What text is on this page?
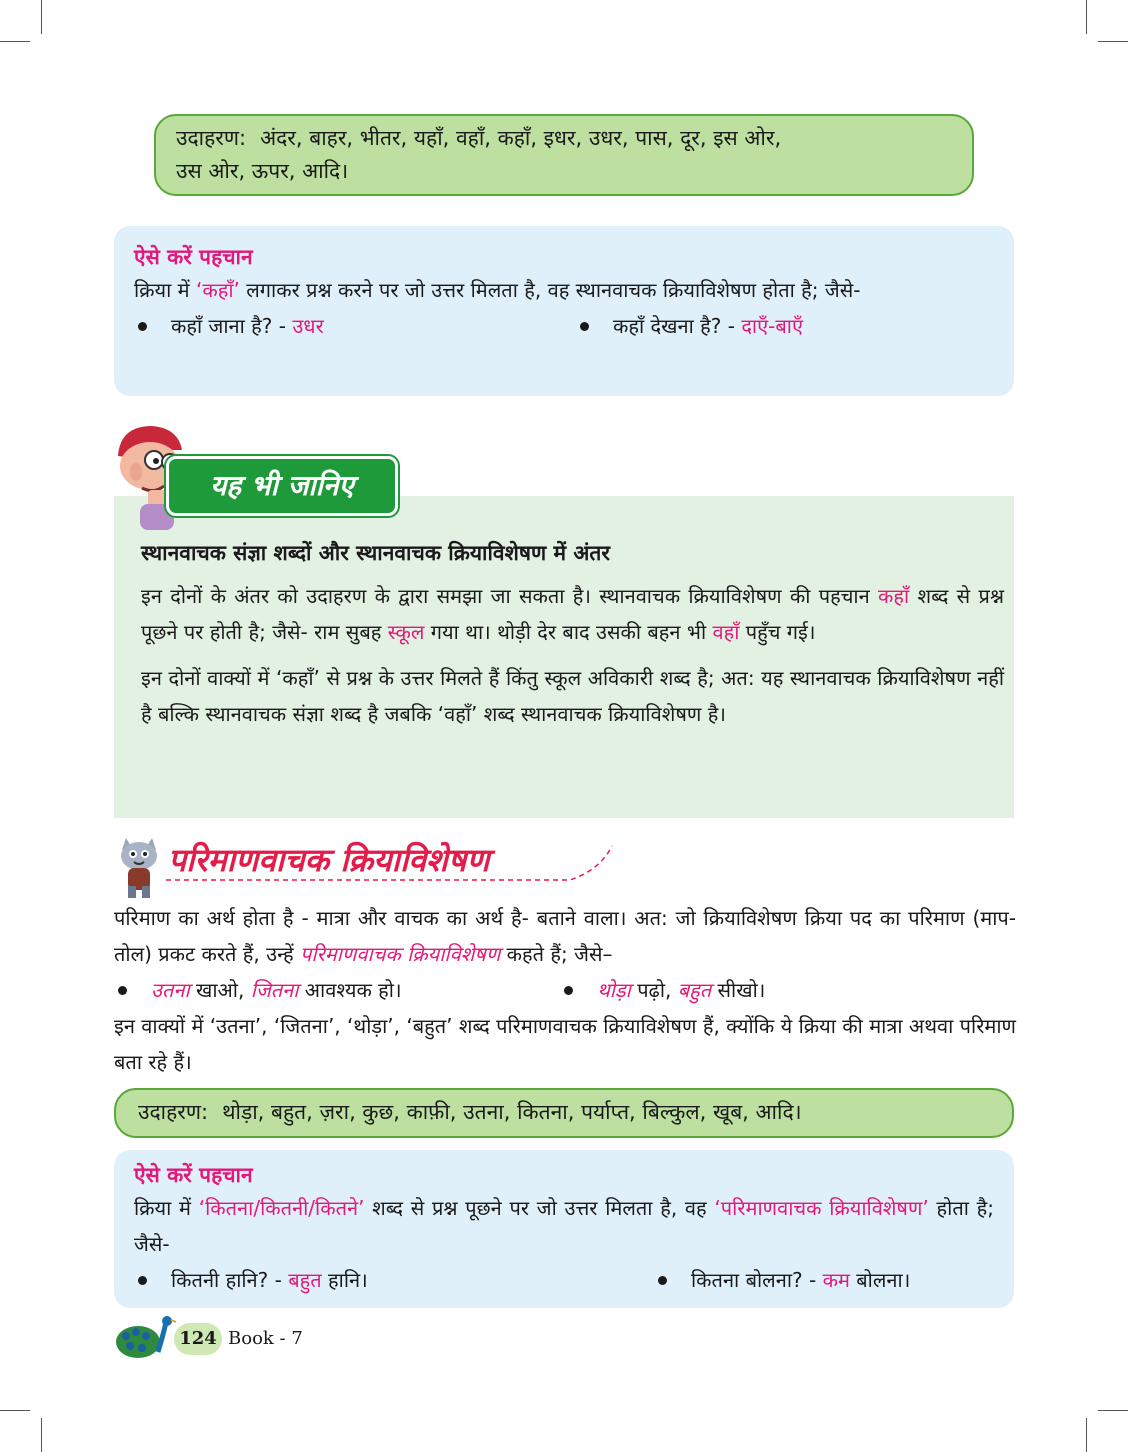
उदाहरण: अंदर, बाहर, भीतर, यहाँ, वहाँ, कहाँ, इधर, उधर, पास, दूर, इस ओर,
उस ओर, ऊपर, आदि।
ऐसे करें पहचान
क्रिया में ‘कहाँ’ लगाकर प्रश्न करने पर जो उत्तर मिलता है, वह स्थानवाचक क्रियाविशेषण होता है; जैसे-
कहाँ जाना है? - उधर	कहाँ देखना है? - दाएँ-बाएँ
स्थानवाचक संज्ञा शब्दों और स्थानवाचक क्रियाविशेषण में अंतर

इन दोनों के अंतर को उदाहरण के द्वारा समझा जा सकता है। स्थानवाचक क्रियाविशेषण की पहचान कहाँ शब्द से प्रश्न पूछने पर होती है; जैसे- राम सुबह स्कूल गया था। थोड़ी देर बाद उसकी बहन भी वहाँ पहुँच गई।

इन दोनों वाक्यों में ‘कहाँ’ से प्रश्न के उत्तर मिलते हैं किंतु स्कूल अविकारी शब्द है; अत: यह स्थानवाचक क्रियाविशेषण नहीं है बल्कि स्थानवाचक संज्ञा शब्द है जबकि ‘वहाँ’ शब्द स्थानवाचक क्रियाविशेषण है।

यह भी जानिए
परिमाणवाचक क्रियाविशेषण

परिमाण का अर्थ होता है - मात्रा और वाचक का अर्थ है- बताने वाला। अत: जो क्रियाविशेषण क्रिया पद का परिमाण (माप-तोल) प्रकट करते हैं, उन्हें परिमाणवाचक क्रियाविशेषण कहते हैं; जैसे–

उतना खाओ, जितना आवश्यक हो।	थोड़ा पढ़ो, बहुत सीखो।

इन वाक्यों में ‘उतना’, ‘जितना’, ‘थोड़ा’, ‘बहुत’ शब्द परिमाणवाचक क्रियाविशेषण हैं, क्योंकि ये क्रिया की मात्रा अथवा परिमाण बता रहे हैं।

उदाहरण: थोड़ा, बहुत, ज़रा, कुछ, काफ़ी, उतना, कितना, पर्याप्त, बिल्कुल, खूब, आदि।
ऐसे करें पहचान
क्रिया में ‘कितना/कितनी/कितने’ शब्द से प्रश्न पूछने पर जो उत्तर मिलता है, वह ‘परिमाणवाचक क्रियाविशेषण’ होता है; जैसे-
कितनी हानि? - बहुत हानि।	कितना बोलना? - कम बोलना।
124 Book - 7
